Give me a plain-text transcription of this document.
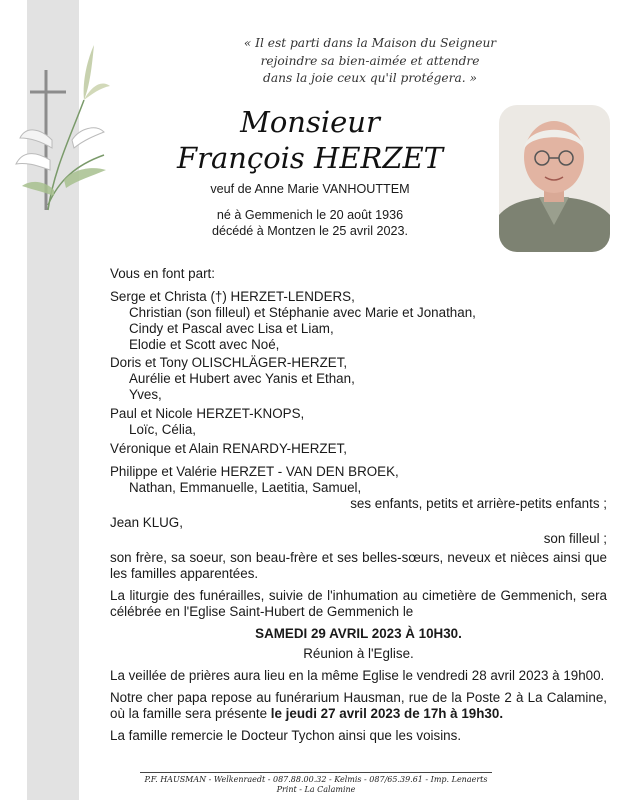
« Il est parti dans la Maison du Seigneur
rejoindre sa bien-aimée et attendre
dans la joie ceux qu'il protégera. »
Monsieur
François HERZET
veuf de Anne Marie VANHOUTTEM
né à Gemmenich le 20 août 1936
décédé à Montzen le 25 avril 2023.
Vous en font part:
Serge et Christa (†) HERZET-LENDERS,
Christian (son filleul) et Stéphanie avec Marie et Jonathan,
Cindy et Pascal avec Lisa et Liam,
Elodie et Scott avec Noé,
Doris et Tony OLISCHLÄGER-HERZET,
Aurélie et Hubert avec Yanis et Ethan,
Yves,
Paul et Nicole HERZET-KNOPS,
Loïc, Célia,
Véronique et Alain RENARDY-HERZET,
Philippe et Valérie HERZET - VAN DEN BROEK,
Nathan, Emmanuelle, Laetitia, Samuel,
ses enfants, petits et arrière-petits enfants ;
Jean KLUG,
son filleul ;
son frère, sa soeur, son beau-frère et ses belles-sœurs, neveux et nièces ainsi que les familles apparentées.
La liturgie des funérailles, suivie de l'inhumation au cimetière de Gemmenich, sera célébrée en l'Eglise Saint-Hubert de Gemmenich le
SAMEDI 29 AVRIL 2023 À 10H30.
Réunion à l'Eglise.
La veillée de prières aura lieu en la même Eglise le vendredi 28 avril 2023 à 19h00.
Notre cher papa repose au funérarium Hausman, rue de la Poste 2 à La Calamine, où la famille sera présente le jeudi 27 avril 2023 de 17h à 19h30.
La famille remercie le Docteur Tychon ainsi que les voisins.
P.F. HAUSMAN - Welkenraedt - 087.88.00.32 - Kelmis - 087/65.39.61 - Imp. Lenaerts Print - La Calamine
